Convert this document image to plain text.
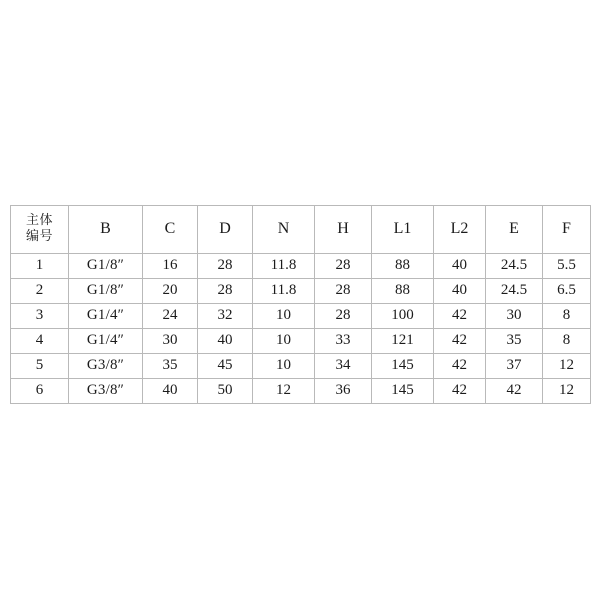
主体
编号	B	C	D	N	H	L1	L2	E	F
1	G1/8″	16	28	11.8	28	88	40	24.5	5.5
2	G1/8″	20	28	11.8	28	88	40	24.5	6.5
3	G1/4″	24	32	10	28	100	42	30	8
4	G1/4″	30	40	10	33	121	42	35	8
5	G3/8″	35	45	10	34	145	42	37	12
6	G3/8″	40	50	12	36	145	42	42	12
